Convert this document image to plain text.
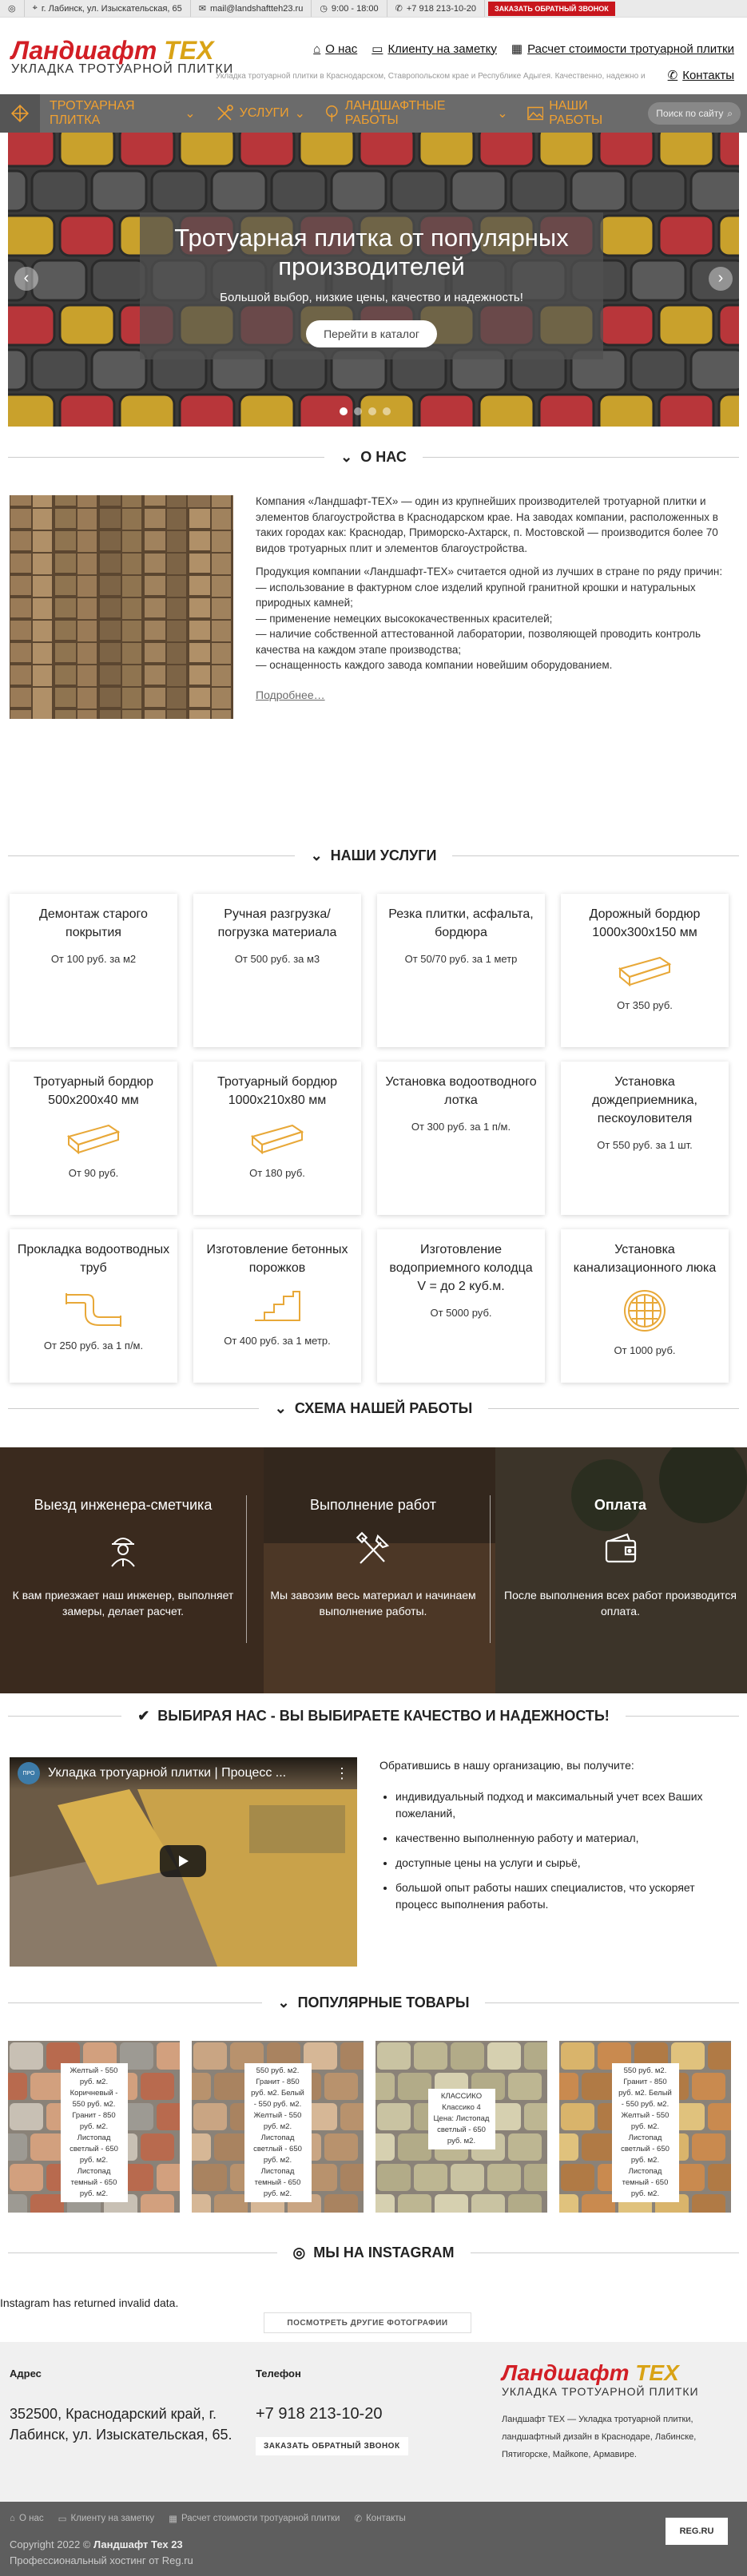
◎ ⌖ г. Лабинск, ул. Изыскательская, 65 ✉ mail@landshaftteh23.ru ◷ 9:00 - 18:00 ✆ +7 918 213-10-20	ЗАКАЗАТЬ ОБРАТНЫЙ ЗВОНОК
Ландшафт ТЕХ
УКЛАДКА ТРОТУАРНОЙ ПЛИТКИ
⌂ О нас ▭ Клиенту на заметку ▦ Расчет стоимости тротуарной плитки
✆ Контакты
Укладка тротуарной плитки в Краснодарском, Ставропольском крае и Республике Адыгея. Качественно, надежно и
ТРОТУАРНАЯ ПЛИТКА	⌄	УСЛУГИ ⌄
ЛАНДШАФТНЫЕ РАБОТЫ	⌄
НАШИ РАБОТЫ	Поиск по сайту ⌕
Тротуарная плитка от популярных производителей

Большой выбор, низкие цены, качество и надежность!

Перейти в каталог
‹	›
⌄ О НАС

Компания «Ландшафт-ТЕХ» — один из крупнейших производителей тротуарной плитки и элементов благоустройства в Краснодарском крае. На заводах компании, расположенных в таких городах как: Краснодар, Приморско-Ахтарск, п. Мостовской — производится более 70 видов тротуарных плит и элементов благоустройства.

Продукция компании «Ландшафт-ТЕХ» считается одной из лучших в стране по ряду причин:

— использование в фактурном слое изделий крупной гранитной крошки и натуральных природных камней;

— применение немецких высококачественных красителей;

— наличие собственной аттестованной лаборатории, позволяющей проводить контроль качества на каждом этапе производства;

— оснащенность каждого завода компании новейшим оборудованием.

Подробнее…
⌄ НАШИ УСЛУГИ
Демонтаж старого покрытия
От 100 руб. за м2
Ручная разгрузка/ погрузка материала
От 500 руб. за м3
Резка плитки, асфальта, бордюра
От 50/70 руб. за 1 метр
Дорожный бордюр 1000х300х150 мм
От 350 руб.
Тротуарный бордюр 500х200х40 мм
От 90 руб.
Тротуарный бордюр 1000х210х80 мм
От 180 руб.
Установка водоотводного лотка
От 300 руб. за 1 п/м.
Установка дождеприемника, пескоуловителя
От 550 руб. за 1 шт.
Прокладка водоотводных труб
От 250 руб. за 1 п/м.
Изготовление бетонных порожков
От 400 руб. за 1 метр.
Изготовление водоприемного колодца V = до 2 куб.м.
От 5000 руб.
Установка канализационного люка
От 1000 руб.
⌄ СХЕМА НАШЕЙ РАБОТЫ
Выезд инженера-сметчика
К вам приезжает наш инженер, выполняет замеры, делает расчет.
Выполнение работ
Мы завозим весь материал и начинаем выполнение работы.
Оплата
После выполнения всех работ производится оплата.
✔ ВЫБИРАЯ НАС - ВЫ ВЫБИРАЕТЕ КАЧЕСТВО И НАДЕЖНОСТЬ!
ПРО	Укладка тротуарной плитки | Процесс ...	⋮	Обратившись в нашу организацию, вы получите:

• индивидуальный подход и максимальный учет всех Ваших пожеланий,
• качественно выполненную работу и материал,
• доступные цены на услуги и сырьё,
• большой опыт работы наших специалистов, что ускоряет процесс выполнения работы.
⌄ ПОПУЛЯРНЫЕ ТОВАРЫ
Желтый - 550
руб. м2.
Коричневый -
550 руб. м2.
Гранит - 850
руб. м2.
Листопад
светлый - 650
руб. м2.
Листопад
темный - 650
руб. м2.
550 руб. м2.
Гранит - 850
руб. м2. Белый
- 550 руб. м2.
Желтый - 550
руб. м2.
Листопад
светлый - 650
руб. м2.
Листопад
темный - 650
руб. м2.
КЛАССИКО
Классико 4
Цена: Листопад
светлый - 650
руб. м2.
550 руб. м2.
Гранит - 850
руб. м2. Белый
- 550 руб. м2.
Желтый - 550
руб. м2.
Листопад
светлый - 650
руб. м2.
Листопад
темный - 650
руб. м2.
◎ МЫ НА INSTAGRAM
Instagram has returned invalid data.
ПОСМОТРЕТЬ ДРУГИЕ ФОТОГРАФИИ
Адрес
352500, Краснодарский край, г. Лабинск, ул. Изыскательская, 65.
Телефон
+7 918 213-10-20
ЗАКАЗАТЬ ОБРАТНЫЙ ЗВОНОК
Ландшафт ТЕХ
УКЛАДКА ТРОТУАРНОЙ ПЛИТКИ
Ландшафт ТЕХ — Укладка тротуарной плитки, ландшафтный дизайн в Краснодаре, Лабинске, Пятигорске, Майкопе, Армавире.
⌂ О нас ▭ Клиенту на заметку ▦ Расчет стоимости тротуарной плитки ✆ Контакты
Copyright 2022 © Ландшафт Тех 23
Профессиональный хостинг от Reg.ru
REG.RU
